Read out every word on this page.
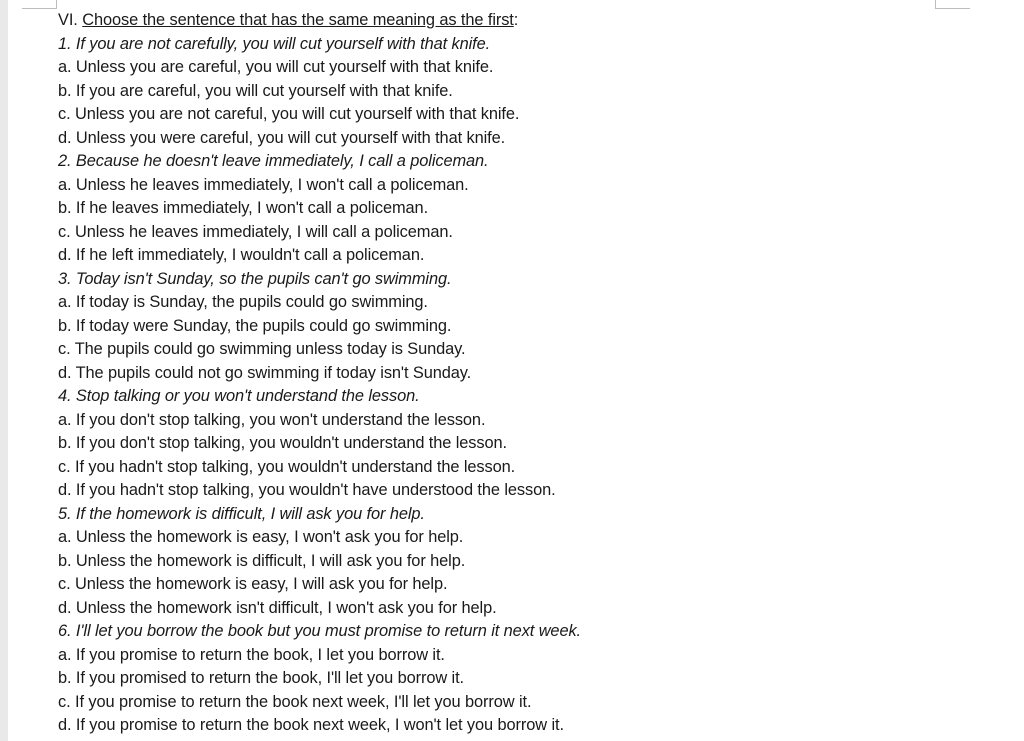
VI. Choose the sentence that has the same meaning as the first:
1. If you are not carefully, you will cut yourself with that knife.
a. Unless you are careful, you will cut yourself with that knife.
b. If you are careful, you will cut yourself with that knife.
c. Unless you are not careful, you will cut yourself with that knife.
d. Unless you were careful, you will cut yourself with that knife.
2. Because he doesn't leave immediately, I call a policeman.
a. Unless he leaves immediately, I won't call a policeman.
b. If he leaves immediately, I won't call a policeman.
c. Unless he leaves immediately, I will call a policeman.
d. If he left immediately, I wouldn't call a policeman.
3. Today isn't Sunday, so the pupils can't go swimming.
a. If today is Sunday, the pupils could go swimming.
b. If today were Sunday, the pupils could go swimming.
c. The pupils could go swimming unless today is Sunday.
d. The pupils could not go swimming if today isn't Sunday.
4. Stop talking or you won't understand the lesson.
a. If you don't stop talking, you won't understand the lesson.
b. If you don't stop talking, you wouldn't understand the lesson.
c. If you hadn't stop talking, you wouldn't understand the lesson.
d. If you hadn't stop talking, you wouldn't have understood the lesson.
5. If the homework is difficult, I will ask you for help.
a. Unless the homework is easy, I won't ask you for help.
b. Unless the homework is difficult, I will ask you for help.
c. Unless the homework is easy, I will ask you for help.
d. Unless the homework isn't difficult, I won't ask you for help.
6. I'll let you borrow the book but you must promise to return it next week.
a. If you promise to return the book, I let you borrow it.
b. If you promised to return the book, I'll let you borrow it.
c. If you promise to return the book next week, I'll let you borrow it.
d. If you promise to return the book next week, I won't let you borrow it.
